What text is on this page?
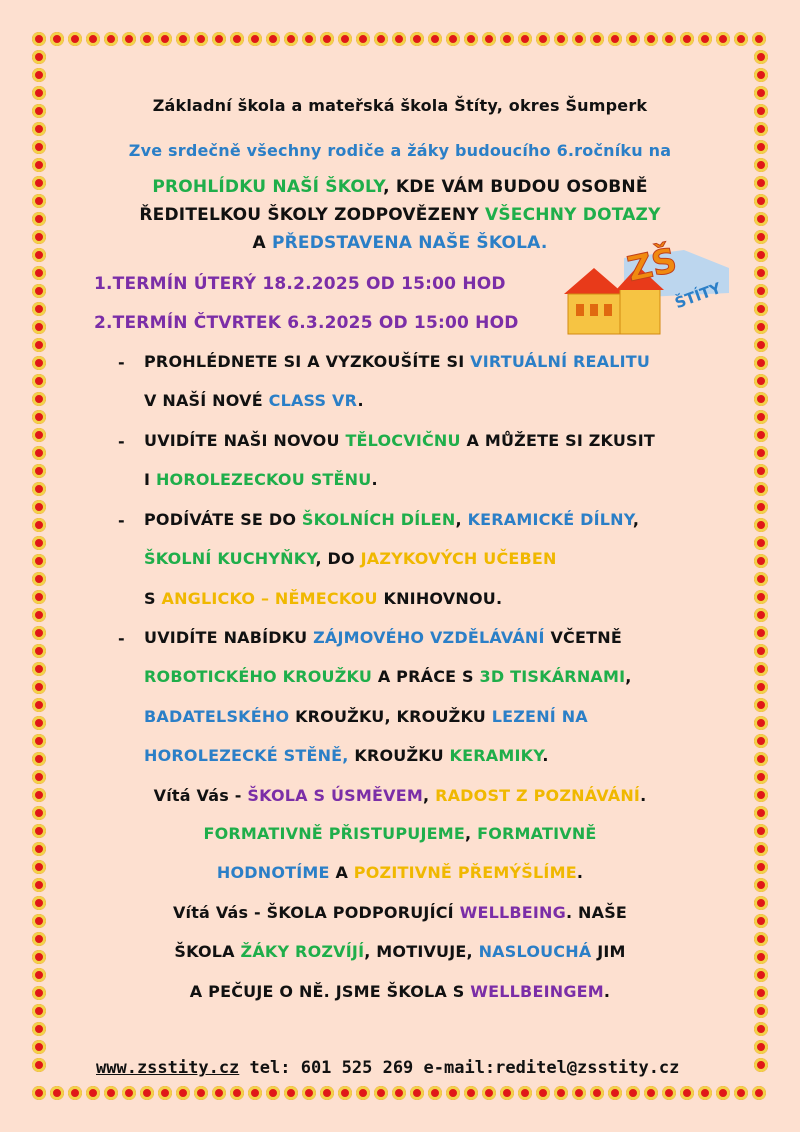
Základní škola a mateřská škola Štíty, okres Šumperk
Zve srdečně všechny rodiče a žáky budoucího 6.ročníku na
PROHLÍDKU NAŠÍ ŠKOLY, KDE VÁM BUDOU OSOBNĚ
ŘEDITELKOU ŠKOLY ZODPOVĚZENY VŠECHNY DOTAZY
A PŘEDSTAVENA NAŠE ŠKOLA.
1.TERMÍN ÚTERÝ 18.2.2025 OD 15:00 HOD
2.TERMÍN ČTVRTEK 6.3.2025 OD 15:00 HOD
ZŠ
ŠTÍTY
- PROHLÉDNETE SI A VYZKOUŠÍTE SI VIRTUÁLNÍ REALITU
V NAŠÍ NOVÉ CLASS VR.
- UVIDÍTE NAŠI NOVOU TĚLOCVIČNU A MŮŽETE SI ZKUSIT
I HOROLEZECKOU STĚNU.
- PODÍVÁTE SE DO ŠKOLNÍCH DÍLEN, KERAMICKÉ DÍLNY,
ŠKOLNÍ KUCHYŇKY, DO JAZYKOVÝCH UČEBEN
S ANGLICKO – NĚMECKOU KNIHOVNOU.
- UVIDÍTE NABÍDKU ZÁJMOVÉHO VZDĚLÁVÁNÍ VČETNĚ
ROBOTICKÉHO KROUŽKU A PRÁCE S 3D TISKÁRNAMI,
BADATELSKÉHO KROUŽKU, KROUŽKU LEZENÍ NA
HOROLEZECKÉ STĚNĚ, KROUŽKU KERAMIKY.
Vítá Vás - ŠKOLA S ÚSMĚVEM, RADOST Z POZNÁVÁNÍ.
FORMATIVNĚ PŘISTUPUJEME, FORMATIVNĚ
HODNOTÍME A POZITIVNĚ PŘEMÝŠLÍME.
Vítá Vás - ŠKOLA PODPORUJÍCÍ WELLBEING. NAŠE
ŠKOLA ŽÁKY ROZVÍJÍ, MOTIVUJE, NASLOUCHÁ JIM
A PEČUJE O NĚ. JSME ŠKOLA S WELLBEINGEM.
www.zsstity.cz tel: 601 525 269 e-mail:reditel@zsstity.cz
